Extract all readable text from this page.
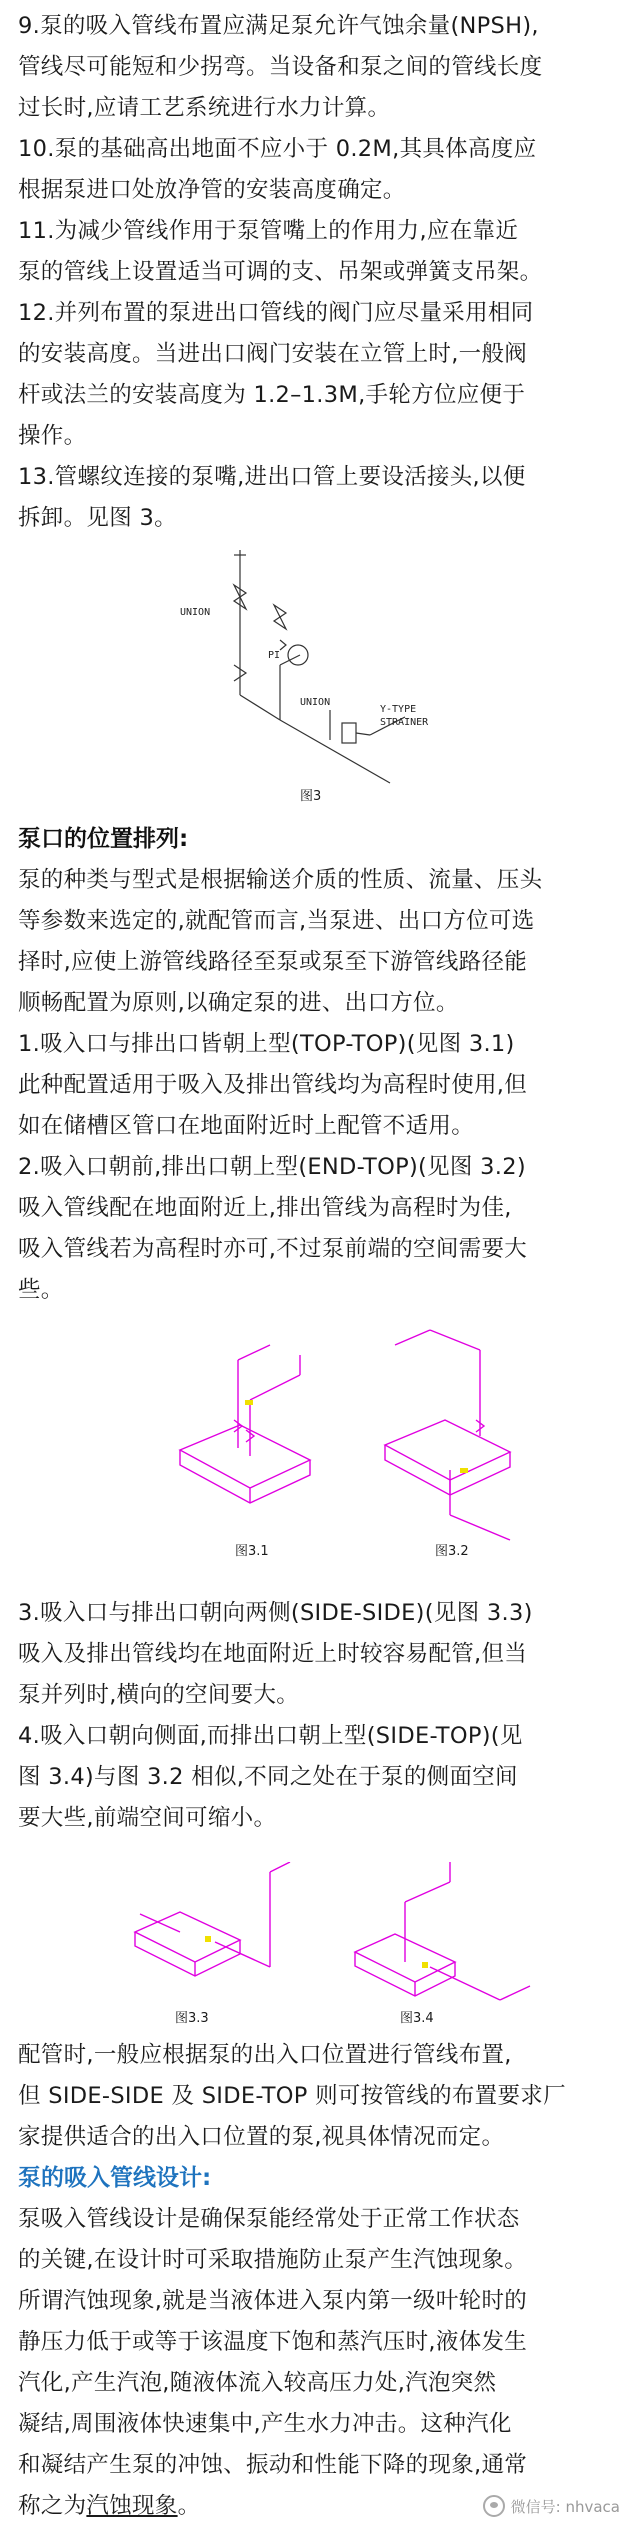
9.泵的吸入管线布置应满足泵允许气蚀余量(NPSH),
管线尽可能短和少拐弯。当设备和泵之间的管线长度
过长时,应请工艺系统进行水力计算。

10.泵的基础高出地面不应小于 0.2M,其具体高度应
根据泵进口处放净管的安装高度确定。

11.为减少管线作用于泵管嘴上的作用力,应在靠近
泵的管线上设置适当可调的支、吊架或弹簧支吊架。

12.并列布置的泵进出口管线的阀门应尽量采用相同
的安装高度。当进出口阀门安装在立管上时,一般阀
杆或法兰的安装高度为 1.2–1.3M,手轮方位应便于
操作。

13.管螺纹连接的泵嘴,进出口管上要设活接头,以便
拆卸。见图 3。

PI
UNION
UNION
Y-TYPE
STRAINER
图3
泵口的位置排列:

泵的种类与型式是根据输送介质的性质、流量、压头
等参数来选定的,就配管而言,当泵进、出口方位可选
择时,应使上游管线路径至泵或泵至下游管线路径能
顺畅配置为原则,以确定泵的进、出口方位。

1.吸入口与排出口皆朝上型(TOP-TOP)(见图 3.1)
此种配置适用于吸入及排出管线均为高程时使用,但
如在储槽区管口在地面附近时上配管不适用。

2.吸入口朝前,排出口朝上型(END-TOP)(见图 3.2)
吸入管线配在地面附近上,排出管线为高程时为佳,
吸入管线若为高程时亦可,不过泵前端的空间需要大
些。

图3.1	图3.2

3.吸入口与排出口朝向两侧(SIDE-SIDE)(见图 3.3)
吸入及排出管线均在地面附近上时较容易配管,但当
泵并列时,横向的空间要大。

4.吸入口朝向侧面,而排出口朝上型(SIDE-TOP)(见
图 3.4)与图 3.2 相似,不同之处在于泵的侧面空间
要大些,前端空间可缩小。

图3.3	图3.4

配管时,一般应根据泵的出入口位置进行管线布置,
但 SIDE-SIDE 及 SIDE-TOP 则可按管线的布置要求厂
家提供适合的出入口位置的泵,视具体情况而定。

泵的吸入管线设计:

泵吸入管线设计是确保泵能经常处于正常工作状态
的关键,在设计时可采取措施防止泵产生汽蚀现象。
所谓汽蚀现象,就是当液体进入泵内第一级叶轮时的
静压力低于或等于该温度下饱和蒸汽压时,液体发生
汽化,产生汽泡,随液体流入较高压力处,汽泡突然
凝结,周围液体快速集中,产生水力冲击。这种汽化
和凝结产生泵的冲蚀、振动和性能下降的现象,通常
称之为汽蚀现象。	微信号: nhvaca
